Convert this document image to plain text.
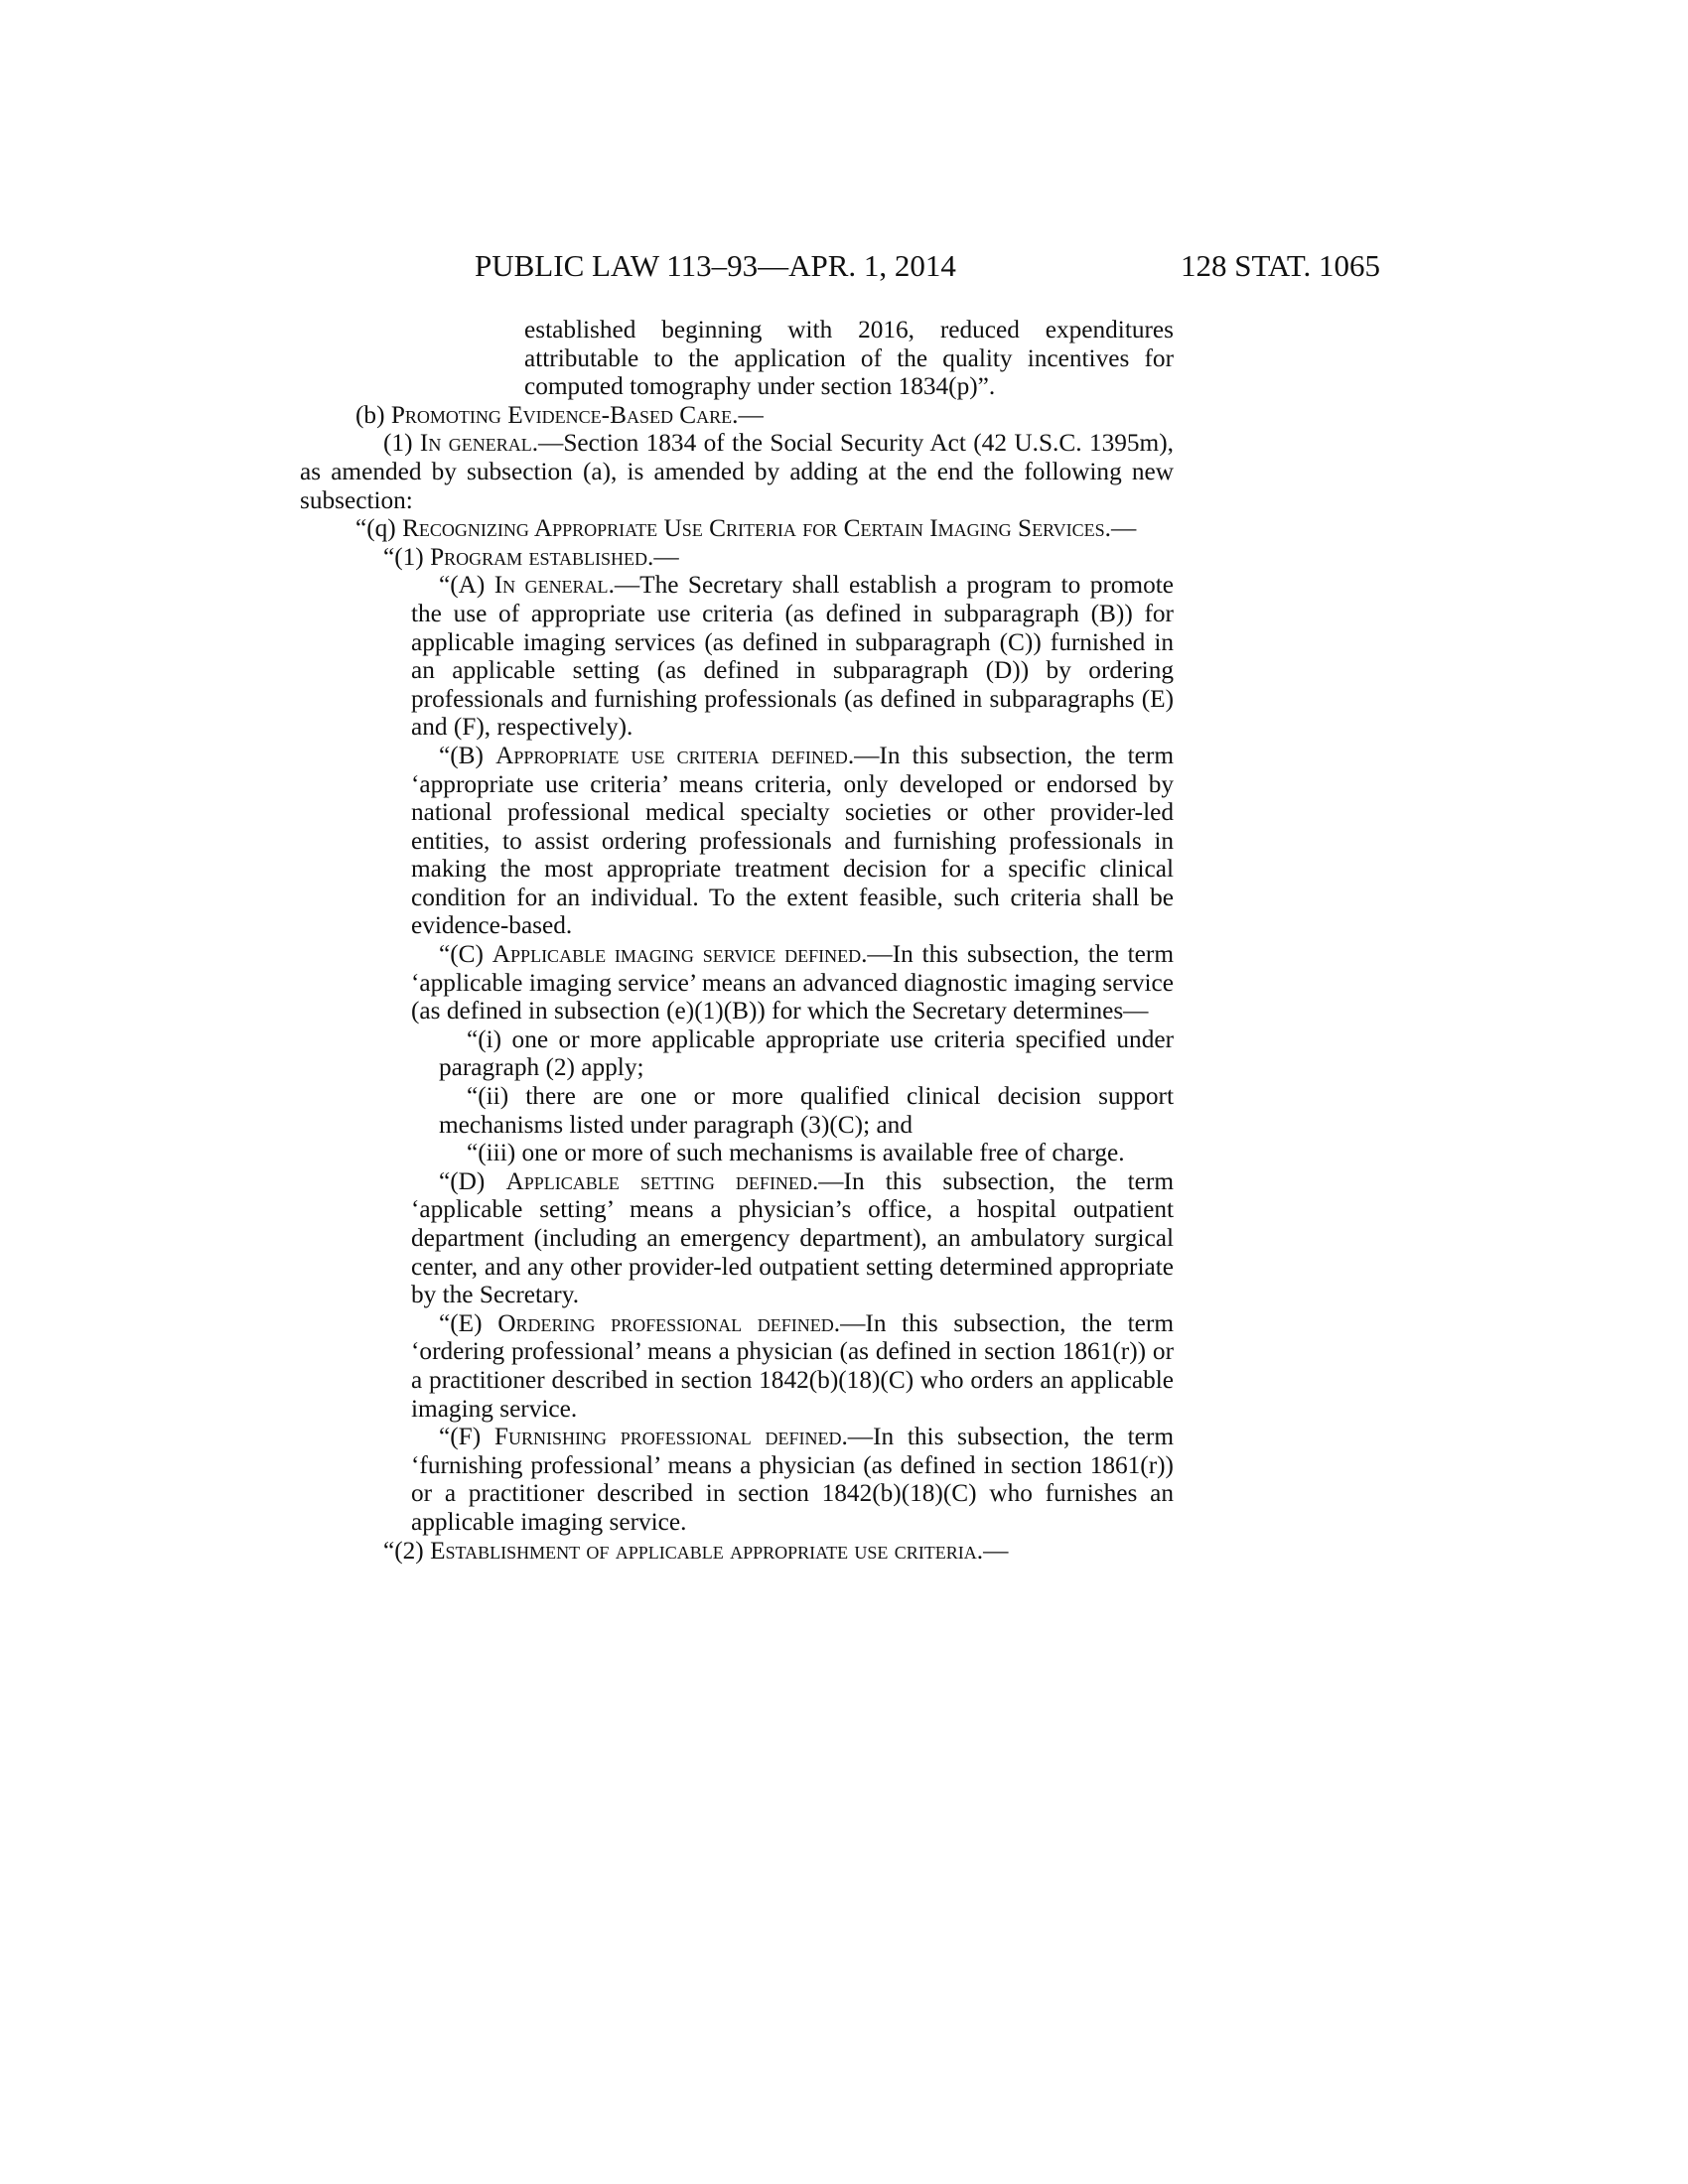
PUBLIC LAW 113–93—APR. 1, 2014	128 STAT. 1065

established beginning with 2016, reduced expenditures attributable to the application of the quality incentives for computed tomography under section 1834(p)”.

(b) Promoting Evidence-Based Care.—

(1) In general.—Section 1834 of the Social Security Act (42 U.S.C. 1395m), as amended by subsection (a), is amended by adding at the end the following new subsection:

“(q) Recognizing Appropriate Use Criteria for Certain Imaging Services.—

“(1) Program established.—

“(A) In general.—The Secretary shall establish a program to promote the use of appropriate use criteria (as defined in subparagraph (B)) for applicable imaging services (as defined in subparagraph (C)) furnished in an applicable setting (as defined in subparagraph (D)) by ordering professionals and furnishing professionals (as defined in subparagraphs (E) and (F), respectively).

“(B) Appropriate use criteria defined.—In this subsection, the term ‘appropriate use criteria’ means criteria, only developed or endorsed by national professional medical specialty societies or other provider-led entities, to assist ordering professionals and furnishing professionals in making the most appropriate treatment decision for a specific clinical condition for an individual. To the extent feasible, such criteria shall be evidence-based.

“(C) Applicable imaging service defined.—In this subsection, the term ‘applicable imaging service’ means an advanced diagnostic imaging service (as defined in subsection (e)(1)(B)) for which the Secretary determines—

“(i) one or more applicable appropriate use criteria specified under paragraph (2) apply;

“(ii) there are one or more qualified clinical decision support mechanisms listed under paragraph (3)(C); and

“(iii) one or more of such mechanisms is available free of charge.

“(D) Applicable setting defined.—In this subsection, the term ‘applicable setting’ means a physician’s office, a hospital outpatient department (including an emergency department), an ambulatory surgical center, and any other provider-led outpatient setting determined appropriate by the Secretary.

“(E) Ordering professional defined.—In this subsection, the term ‘ordering professional’ means a physician (as defined in section 1861(r)) or a practitioner described in section 1842(b)(18)(C) who orders an applicable imaging service.

“(F) Furnishing professional defined.—In this subsection, the term ‘furnishing professional’ means a physician (as defined in section 1861(r)) or a practitioner described in section 1842(b)(18)(C) who furnishes an applicable imaging service.

“(2) Establishment of applicable appropriate use criteria.—
